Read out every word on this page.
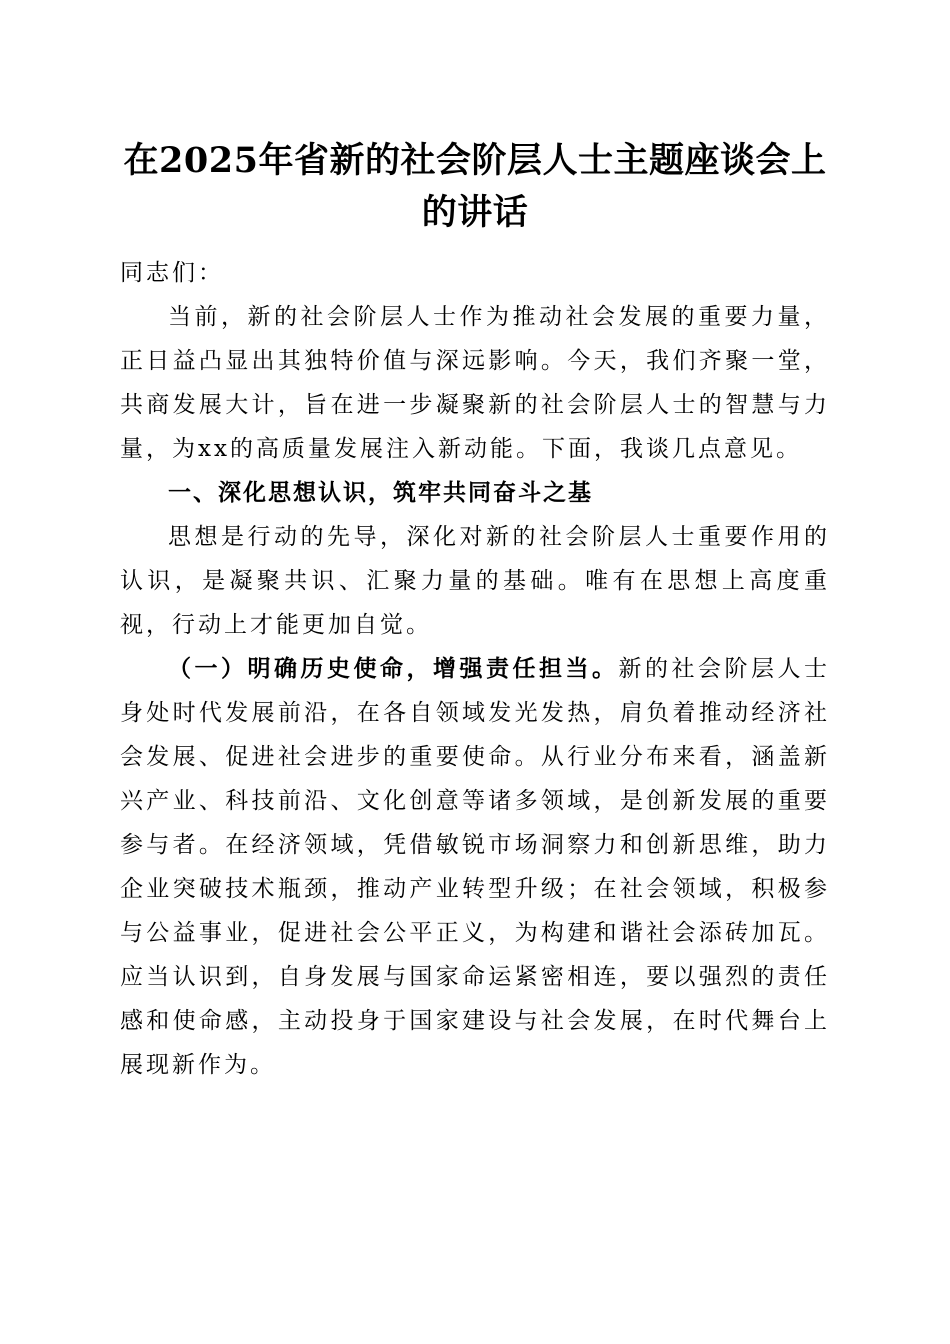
在2025年省新的社会阶层人士主题座谈会上
的讲话

同志们：

当前，新的社会阶层人士作为推动社会发展的重要力量，正日益凸显出其独特价值与深远影响。今天，我们齐聚一堂，共商发展大计，旨在进一步凝聚新的社会阶层人士的智慧与力量，为xx的高质量发展注入新动能。下面，我谈几点意见。

一、深化思想认识，筑牢共同奋斗之基

思想是行动的先导，深化对新的社会阶层人士重要作用的认识，是凝聚共识、汇聚力量的基础。唯有在思想上高度重视，行动上才能更加自觉。

（一）明确历史使命，增强责任担当。新的社会阶层人士身处时代发展前沿，在各自领域发光发热，肩负着推动经济社会发展、促进社会进步的重要使命。从行业分布来看，涵盖新兴产业、科技前沿、文化创意等诸多领域，是创新发展的重要参与者。在经济领域，凭借敏锐市场洞察力和创新思维，助力企业突破技术瓶颈，推动产业转型升级；在社会领域，积极参与公益事业，促进社会公平正义，为构建和谐社会添砖加瓦。应当认识到，自身发展与国家命运紧密相连，要以强烈的责任感和使命感，主动投身于国家建设与社会发展，在时代舞台上展现新作为。
